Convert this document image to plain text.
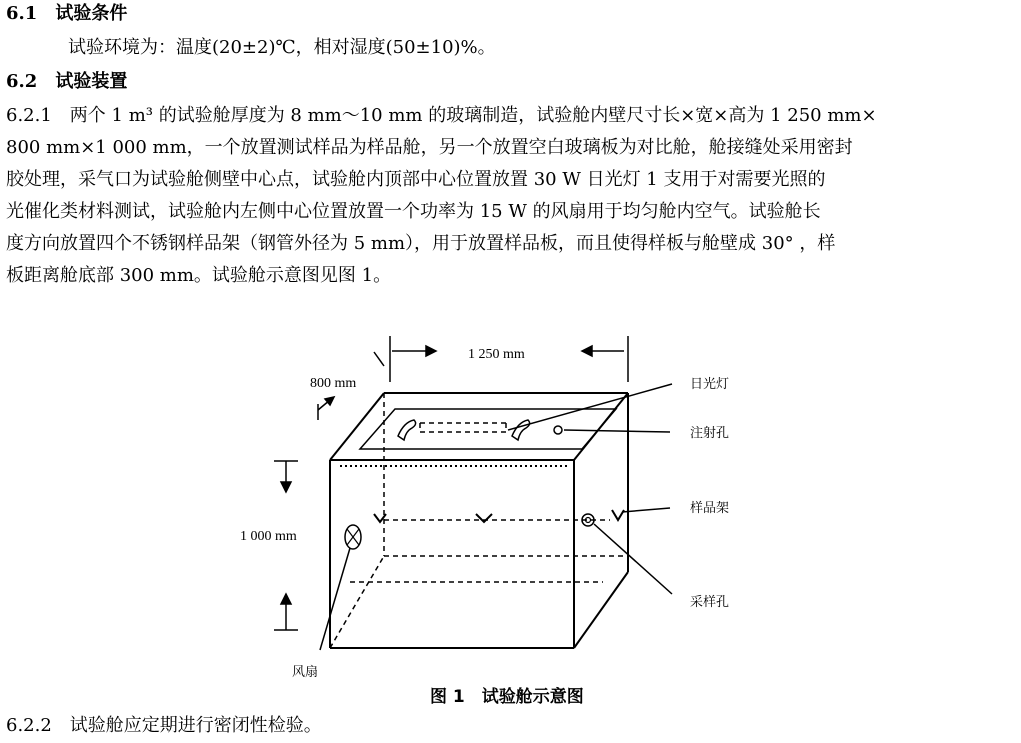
6.1　试验条件
试验环境为：温度(20±2)℃，相对湿度(50±10)%。
6.2　试验装置
6.2.1　两个 1 m³ 的试验舱厚度为 8 mm～10 mm 的玻璃制造，试验舱内壁尺寸长×宽×高为 1 250 mm×
800 mm×1 000 mm，一个放置测试样品为样品舱，另一个放置空白玻璃板为对比舱，舱接缝处采用密封
胶处理，采气口为试验舱侧壁中心点，试验舱内顶部中心位置放置 30 W 日光灯 1 支用于对需要光照的
光催化类材料测试，试验舱内左侧中心位置放置一个功率为 15 W 的风扇用于均匀舱内空气。试验舱长
度方向放置四个不锈钢样品架（钢管外径为 5 mm），用于放置样品板，而且使得样板与舱壁成 30° ，样
板距离舱底部 300 mm。试验舱示意图见图 1。
1 250 mm
800 mm
1 000 mm
日光灯
注射孔
样品架
采样孔
风扇
图 1　试验舱示意图
6.2.2　试验舱应定期进行密闭性检验。
